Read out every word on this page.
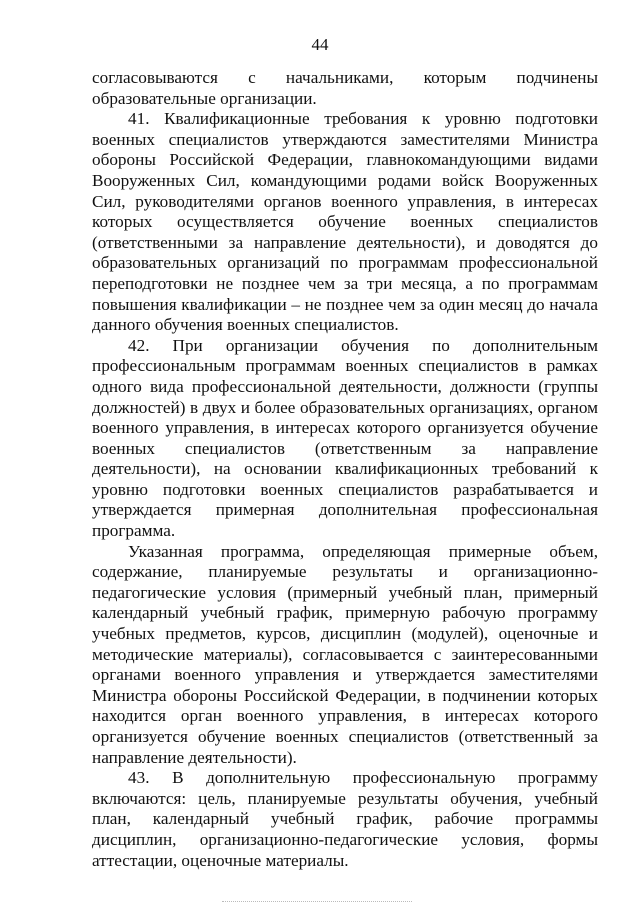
44

согласовываются с начальниками, которым подчинены образовательные организации.

41. Квалификационные требования к уровню подготовки военных специалистов утверждаются заместителями Министра обороны Российской Федерации, главнокомандующими видами Вооруженных Сил, командующими родами войск Вооруженных Сил, руководителями органов военного управления, в интересах которых осуществляется обучение военных специалистов (ответственными за направление деятельности), и доводятся до образовательных организаций по программам профессиональной переподготовки не позднее чем за три месяца, а по программам повышения квалификации – не позднее чем за один месяц до начала данного обучения военных специалистов.

42. При организации обучения по дополнительным профессиональным программам военных специалистов в рамках одного вида профессиональной деятельности, должности (группы должностей) в двух и более образовательных организациях, органом военного управления, в интересах которого организуется обучение военных специалистов (ответственным за направление деятельности), на основании квалификационных требований к уровню подготовки военных специалистов разрабатывается и утверждается примерная дополнительная профессиональная программа.

Указанная программа, определяющая примерные объем, содержание, планируемые результаты и организационно-педагогические условия (примерный учебный план, примерный календарный учебный график, примерную рабочую программу учебных предметов, курсов, дисциплин (модулей), оценочные и методические материалы), согласовывается с заинтересованными органами военного управления и утверждается заместителями Министра обороны Российской Федерации, в подчинении которых находится орган военного управления, в интересах которого организуется обучение военных специалистов (ответственный за направление деятельности).

43. В дополнительную профессиональную программу включаются: цель, планируемые результаты обучения, учебный план, календарный учебный график, рабочие программы дисциплин, организационно-педагогические условия, формы аттестации, оценочные материалы.
